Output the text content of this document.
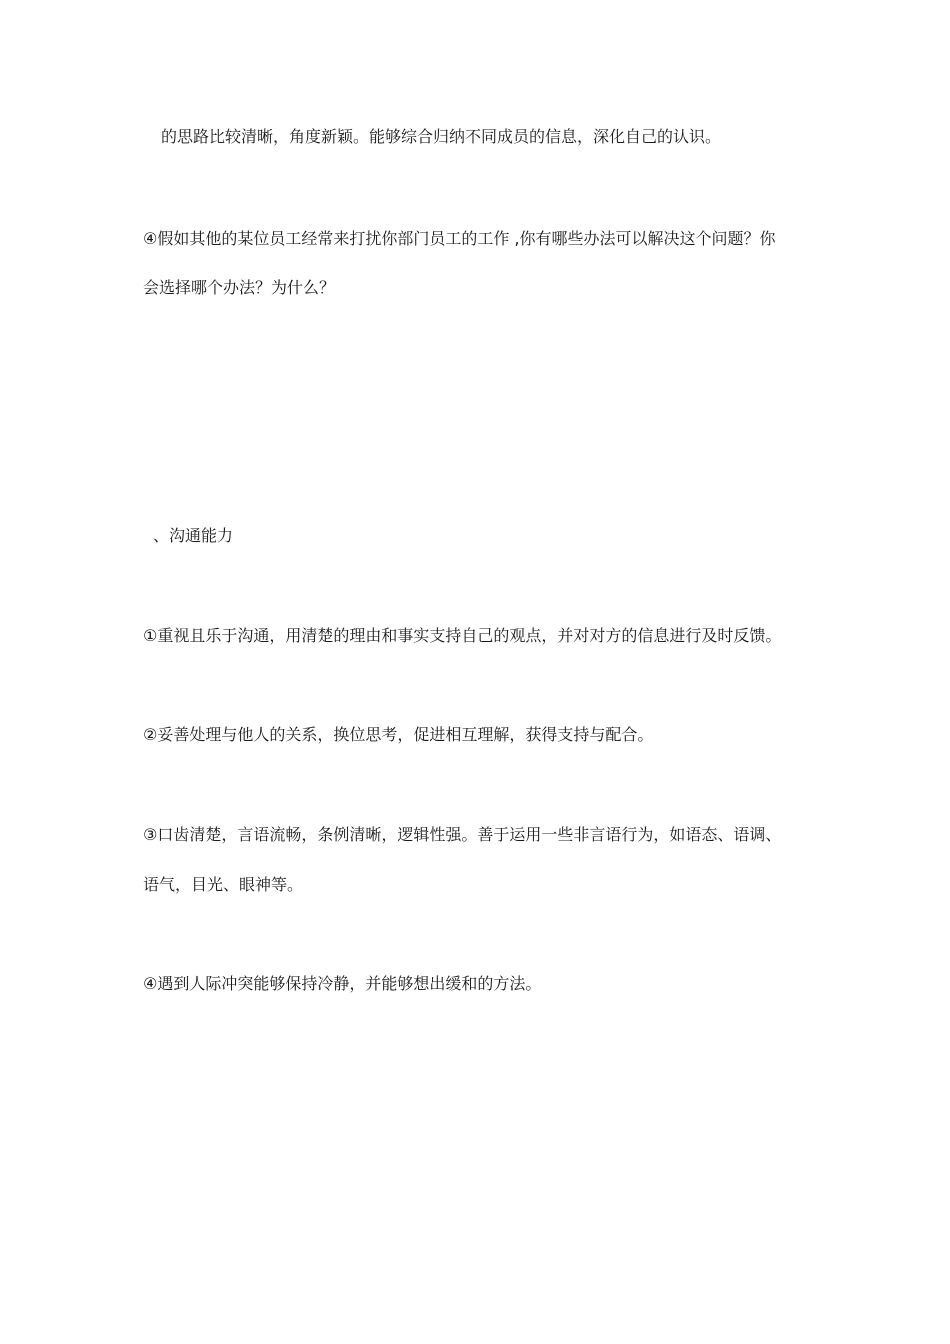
的思路比较清晰，角度新颖。能够综合归纳不同成员的信息，深化自己的认识。
④假如其他的某位员工经常来打扰你部门员工的工作 ,你有哪些办法可以解决这个问题？你
会选择哪个办法？为什么？
、沟通能力
①重视且乐于沟通，用清楚的理由和事实支持自己的观点，并对对方的信息进行及时反馈。
②妥善处理与他人的关系，换位思考，促进相互理解，获得支持与配合。
③口齿清楚，言语流畅，条例清晰，逻辑性强。善于运用一些非言语行为，如语态、语调、
语气，目光、眼神等。
④遇到人际冲突能够保持冷静，并能够想出缓和的方法。
